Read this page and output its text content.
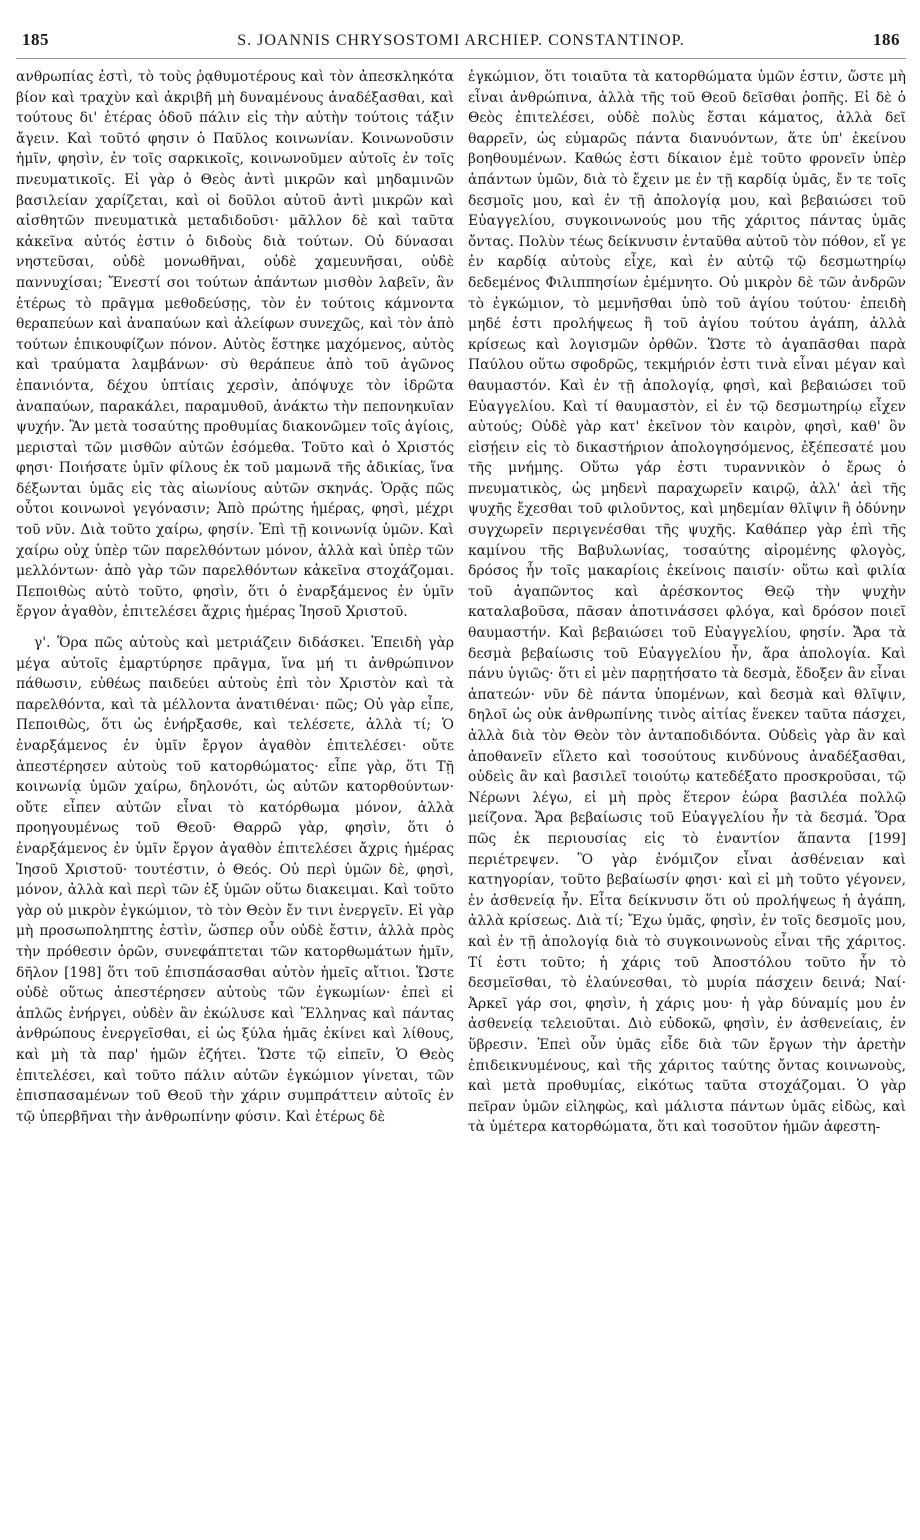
185	S. JOANNIS CHRYSOSTOMI ARCHIEP. CONSTANTINOP.	186

ανθρωπίας ἐστὶ, τὸ τοὺς ῥᾳθυμοτέρους καὶ τὸν ἀπεσκληκότα βίον καὶ τραχὺν καὶ ἀκριβῆ μὴ δυναμένους ἀναδέξασθαι, καὶ τούτους δι' ἑτέρας ὁδοῦ πάλιν εἰς τὴν αὐτὴν τούτοις τάξιν ἄγειν. Καὶ τοῦτό φησιν ὁ Παῦλος κοινωνίαν. Κοινωνοῦσιν ἡμῖν, φησὶν, ἐν τοῖς σαρκικοῖς, κοινωνοῦμεν αὐτοῖς ἐν τοῖς πνευματικοῖς. Εἰ γὰρ ὁ Θεὸς ἀντὶ μικρῶν καὶ μηδαμινῶν βασιλείαν χαρίζεται, καὶ οἱ δοῦλοι αὐτοῦ ἀντὶ μικρῶν καὶ αἰσθητῶν πνευματικὰ μεταδιδοῦσι· μᾶλλον δὲ καὶ ταῦτα κἀκεῖνα αὐτός ἐστιν ὁ διδοὺς διὰ τούτων. Οὐ δύνασαι νηστεῦσαι, οὐδὲ μονωθῆναι, οὐδὲ χαμευνῆσαι, οὐδὲ παννυχίσαι; Ἔνεστί σοι τούτων ἁπάντων μισθὸν λαβεῖν, ἂν ἑτέρως τὸ πρᾶγμα μεθοδεύσῃς, τὸν ἐν τούτοις κάμνοντα θεραπεύων καὶ ἀναπαύων καὶ ἀλείφων συνεχῶς, καὶ τὸν ἀπὸ τούτων ἐπικουφίζων πόνον. Αὐτὸς ἕστηκε μαχόμενος, αὐτὸς καὶ τραύματα λαμβάνων· σὺ θεράπευε ἀπὸ τοῦ ἀγῶνος ἐπανιόντα, δέχου ὑπτίαις χερσὶν, ἀπόψυχε τὸν ἱδρῶτα ἀναπαύων, παρακάλει, παραμυθοῦ, ἀνάκτω τὴν πεπονηκυῖαν ψυχήν. Ἂν μετὰ τοσαύτης προθυμίας διακονῶμεν τοῖς ἁγίοις, μερισταὶ τῶν μισθῶν αὐτῶν ἐσόμεθα. Τοῦτο καὶ ὁ Χριστός φησι· Ποιήσατε ὑμῖν φίλους ἐκ τοῦ μαμωνᾶ τῆς ἀδικίας, ἵνα δέξωνται ὑμᾶς εἰς τὰς αἰωνίους αὐτῶν σκηνάς. Ὁρᾷς πῶς οὗτοι κοινωνοὶ γεγόνασιν; Ἀπὸ πρώτης ἡμέρας, φησὶ, μέχρι τοῦ νῦν. Διὰ τοῦτο χαίρω, φησίν. Ἐπὶ τῇ κοινωνίᾳ ὑμῶν. Καὶ χαίρω οὐχ ὑπὲρ τῶν παρελθόντων μόνον, ἀλλὰ καὶ ὑπὲρ τῶν μελλόντων· ἀπὸ γὰρ τῶν παρελθόντων κἀκεῖνα στοχάζομαι. Πεποιθὼς αὐτὸ τοῦτο, φησὶν, ὅτι ὁ ἐναρξάμενος ἐν ὑμῖν ἔργον ἀγαθὸν, ἐπιτελέσει ἄχρις ἡμέρας Ἰησοῦ Χριστοῦ.

γ'. Ὅρα πῶς αὐτοὺς καὶ μετριάζειν διδάσκει. Ἐπειδὴ γὰρ μέγα αὐτοῖς ἐμαρτύρησε πρᾶγμα, ἵνα μή τι ἀνθρώπινον πάθωσιν, εὐθέως παιδεύει αὐτοὺς ἐπὶ τὸν Χριστὸν καὶ τὰ παρελθόντα, καὶ τὰ μέλλοντα ἀνατιθέναι· πῶς; Οὐ γὰρ εἶπε, Πεποιθὼς, ὅτι ὡς ἐνήρξασθε, καὶ τελέσετε, ἀλλὰ τί; Ὁ ἐναρξάμενος ἐν ὑμῖν ἔργον ἀγαθὸν ἐπιτελέσει· οὔτε ἀπεστέρησεν αὐτοὺς τοῦ κατορθώματος· εἶπε γὰρ, ὅτι Τῇ κοινωνίᾳ ὑμῶν χαίρω, δηλονότι, ὡς αὐτῶν κατορθούντων· οὔτε εἶπεν αὐτῶν εἶναι τὸ κατόρθωμα μόνον, ἀλλὰ προηγουμένως τοῦ Θεοῦ· Θαρρῶ γὰρ, φησὶν, ὅτι ὁ ἐναρξάμενος ἐν ὑμῖν ἔργον ἀγαθὸν ἐπιτελέσει ἄχρις ἡμέρας Ἰησοῦ Χριστοῦ· τουτέστιν, ὁ Θεός. Οὐ περὶ ὑμῶν δὲ, φησὶ, μόνον, ἀλλὰ καὶ περὶ τῶν ἐξ ὑμῶν οὕτω διακειμαι. Καὶ τοῦτο γὰρ οὐ μικρὸν ἐγκώμιον, τὸ τὸν Θεὸν ἔν τινι ἐνεργεῖν. Εἰ γὰρ μὴ προσωποληπτης ἐστὶν, ὥσπερ οὖν οὐδὲ ἔστιν, ἀλλὰ πρὸς τὴν πρόθεσιν ὁρῶν, συνεφάπτεται τῶν κατορθωμάτων ἡμῖν, δῆλον [198] ὅτι τοῦ ἐπισπάσασθαι αὐτὸν ἡμεῖς αἴτιοι. Ὥστε οὐδὲ οὕτως ἀπεστέρησεν αὐτοὺς τῶν ἐγκωμίων· ἐπεὶ εἰ ἁπλῶς ἐνήργει, οὐδὲν ἂν ἐκώλυσε καὶ Ἕλληνας καὶ πάντας ἀνθρώπους ἐνεργεῖσθαι, εἰ ὡς ξύλα ἡμᾶς ἐκίνει καὶ λίθους, καὶ μὴ τὰ παρ' ἡμῶν ἐζήτει. Ὥστε τῷ εἰπεῖν, Ὁ Θεὸς ἐπιτελέσει, καὶ τοῦτο πάλιν αὐτῶν ἐγκώμιον γίνεται, τῶν ἐπισπασαμένων τοῦ Θεοῦ τὴν χάριν συμπράττειν αὐτοῖς ἐν τῷ ὑπερβῆναι τὴν ἀνθρωπίνην φύσιν. Καὶ ἑτέρως δὲ

ἐγκώμιον, ὅτι τοιαῦτα τὰ κατορθώματα ὑμῶν ἐστιν, ὥστε μὴ εἶναι ἀνθρώπινα, ἀλλὰ τῆς τοῦ Θεοῦ δεῖσθαι ῥοπῆς. Εἰ δὲ ὁ Θεὸς ἐπιτελέσει, οὐδὲ πολὺς ἔσται κάματος, ἀλλὰ δεῖ θαρρεῖν, ὡς εὐμαρῶς πάντα διανυόντων, ἅτε ὑπ' ἐκείνου βοηθουμένων. Καθώς ἐστι δίκαιον ἐμὲ τοῦτο φρονεῖν ὑπὲρ ἁπάντων ὑμῶν, διὰ τὸ ἔχειν με ἐν τῇ καρδίᾳ ὑμᾶς, ἔν τε τοῖς δεσμοῖς μου, καὶ ἐν τῇ ἀπολογίᾳ μου, καὶ βεβαιώσει τοῦ Εὐαγγελίου, συγκοινωνούς μου τῆς χάριτος πάντας ὑμᾶς ὄντας. Πολὺν τέως δείκνυσιν ἐνταῦθα αὐτοῦ τὸν πόθον, εἴ γε ἐν καρδίᾳ αὐτοὺς εἶχε, καὶ ἐν αὐτῷ τῷ δεσμωτηρίῳ δεδεμένος Φιλιππησίων ἐμέμνητο. Οὐ μικρὸν δὲ τῶν ἀνδρῶν τὸ ἐγκώμιον, τὸ μεμνῆσθαι ὑπὸ τοῦ ἁγίου τούτου· ἐπειδὴ μηδέ ἐστι προλήψεως ἢ τοῦ ἁγίου τούτου ἀγάπη, ἀλλὰ κρίσεως καὶ λογισμῶν ὀρθῶν. Ὥστε τὸ ἀγαπᾶσθαι παρὰ Παύλου οὕτω σφοδρῶς, τεκμήριόν ἐστι τινὰ εἶναι μέγαν καὶ θαυμαστόν. Καὶ ἐν τῇ ἀπολογίᾳ, φησὶ, καὶ βεβαιώσει τοῦ Εὐαγγελίου. Καὶ τί θαυμαστὸν, εἰ ἐν τῷ δεσμωτηρίῳ εἶχεν αὐτούς; Οὐδὲ γὰρ κατ' ἐκεῖνον τὸν καιρὸν, φησὶ, καθ' ὃν εἰσῄειν εἰς τὸ δικαστήριον ἀπολογησόμενος, ἐξέπεσατέ μου τῆς μνήμης. Οὕτω γάρ ἐστι τυραννικὸν ὁ ἔρως ὁ πνευματικὸς, ὡς μηδενὶ παραχωρεῖν καιρῷ, ἀλλ' ἀεὶ τῆς ψυχῆς ἔχεσθαι τοῦ φιλοῦντος, καὶ μηδεμίαν θλῖψιν ἢ ὀδύνην συγχωρεῖν περιγενέσθαι τῆς ψυχῆς. Καθάπερ γὰρ ἐπὶ τῆς καμίνου τῆς Βαβυλωνίας, τοσαύτης αἰρομένης φλογὸς, δρόσος ἦν τοῖς μακαρίοις ἐκείνοις παισίν· οὕτω καὶ φιλία τοῦ ἀγαπῶντος καὶ ἀρέσκοντος Θεῷ τὴν ψυχὴν καταλαβοῦσα, πᾶσαν ἀποτινάσσει φλόγα, καὶ δρόσον ποιεῖ θαυμαστήν. Καὶ βεβαιώσει τοῦ Εὐαγγελίου, φησίν. Ἄρα τὰ δεσμὰ βεβαίωσις τοῦ Εὐαγγελίου ἦν, ἄρα ἀπολογία. Καὶ πάνυ ὑγιῶς· ὅτι εἰ μὲν παρῃτήσατο τὰ δεσμὰ, ἔδοξεν ἂν εἶναι ἀπατεών· νῦν δὲ πάντα ὑπομένων, καὶ δεσμὰ καὶ θλῖψιν, δηλοῖ ὡς οὐκ ἀνθρωπίνης τινὸς αἰτίας ἕνεκεν ταῦτα πάσχει, ἀλλὰ διὰ τὸν Θεὸν τὸν ἀνταποδιδόντα. Οὐδεὶς γὰρ ἂν καὶ ἀποθανεῖν εἵλετο καὶ τοσούτους κινδύνους ἀναδέξασθαι, οὐδεὶς ἂν καὶ βασιλεῖ τοιούτῳ κατεδέξατο προσκροῦσαι, τῷ Νέρωνι λέγω, εἰ μὴ πρὸς ἕτερον ἑώρα βασιλέα πολλῷ μείζονα. Ἄρα βεβαίωσις τοῦ Εὐαγγελίου ἦν τὰ δεσμά. Ὅρα πῶς ἐκ περιουσίας εἰς τὸ ἐναντίον ἅπαντα [199] περιέτρεψεν. Ὃ γὰρ ἐνόμιζον εἶναι ἀσθένειαν καὶ κατηγορίαν, τοῦτο βεβαίωσίν φησι· καὶ εἰ μὴ τοῦτο γέγονεν, ἐν ἀσθενείᾳ ἦν. Εἶτα δείκνυσιν ὅτι οὐ προλήψεως ἡ ἀγάπη, ἀλλὰ κρίσεως. Διὰ τί; Ἔχω ὑμᾶς, φησὶν, ἐν τοῖς δεσμοῖς μου, καὶ ἐν τῇ ἀπολογίᾳ διὰ τὸ συγκοινωνοὺς εἶναι τῆς χάριτος. Τί ἐστι τοῦτο; ἡ χάρις τοῦ Ἀποστόλου τοῦτο ἦν τὸ δεσμεῖσθαι, τὸ ἐλαύνεσθαι, τὸ μυρία πάσχειν δεινά; Ναί· Ἀρκεῖ γάρ σοι, φησὶν, ἡ χάρις μου· ἡ γὰρ δύναμίς μου ἐν ἀσθενείᾳ τελειοῦται. Διὸ εὐδοκῶ, φησὶν, ἐν ἀσθενείαις, ἐν ὕβρεσιν. Ἐπεὶ οὖν ὑμᾶς εἶδε διὰ τῶν ἔργων τὴν ἀρετὴν ἐπιδεικνυμένους, καὶ τῆς χάριτος ταύτης ὄντας κοινωνοὺς, καὶ μετὰ προθυμίας, εἰκότως ταῦτα στοχάζομαι. Ὁ γὰρ πεῖραν ὑμῶν εἰληφὼς, καὶ μάλιστα πάντων ὑμᾶς εἰδὼς, καὶ τὰ ὑμέτερα κατορθώματα, ὅτι καὶ τοσοῦτον ἡμῶν ἀφεστη-
